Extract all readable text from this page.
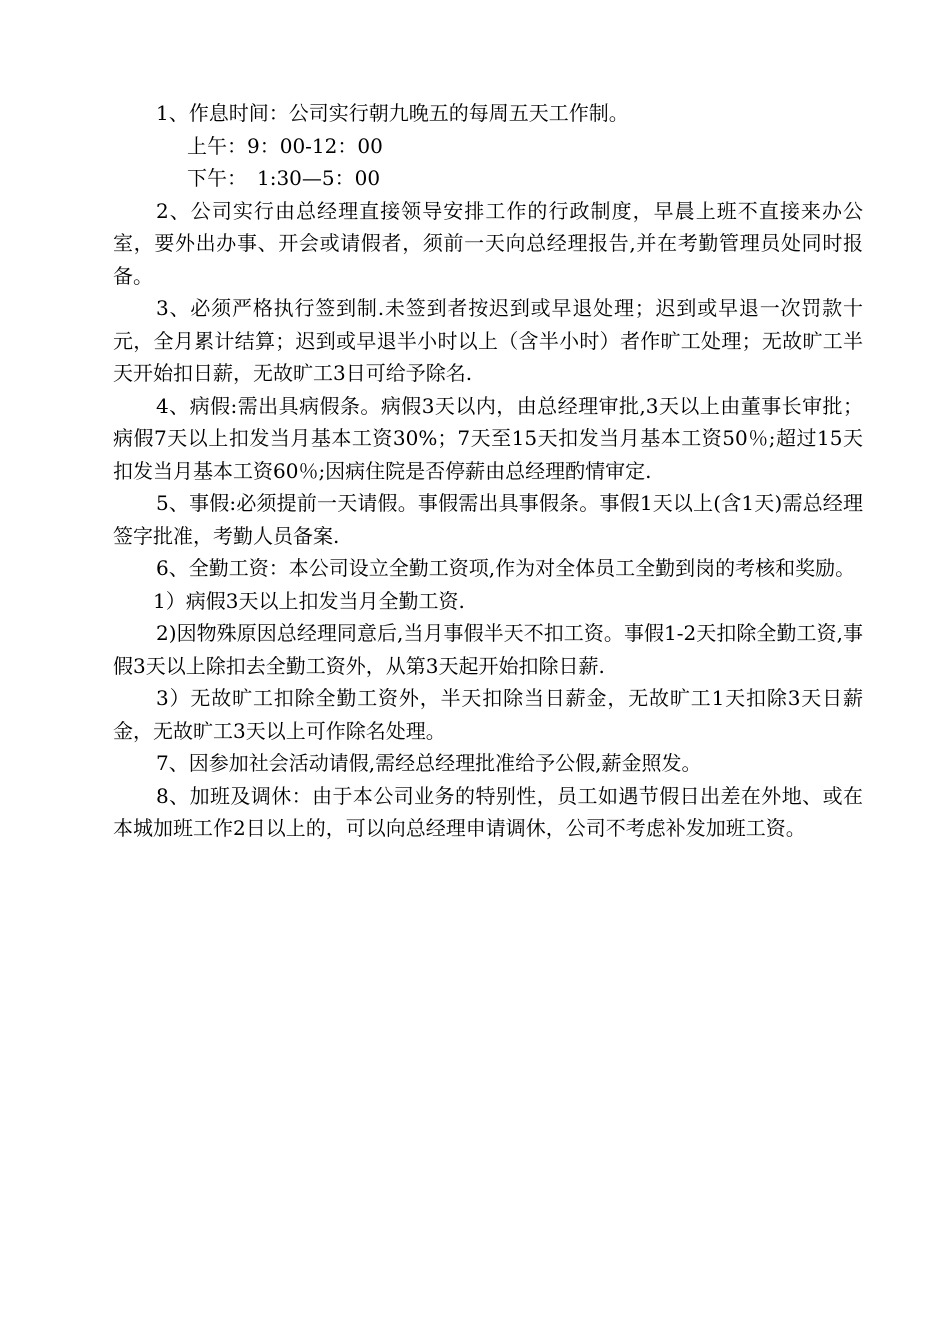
1、作息时间：公司实行朝九晚五的每周五天工作制。

上午：9：00-12：00

下午：　1:30—5：00

2、公司实行由总经理直接领导安排工作的行政制度，早晨上班不直接来办公室，要外出办事、开会或请假者，须前一天向总经理报告,并在考勤管理员处同时报备。

3、必须严格执行签到制.未签到者按迟到或早退处理；迟到或早退一次罚款十元，全月累计结算；迟到或早退半小时以上（含半小时）者作旷工处理；无故旷工半天开始扣日薪，无故旷工3日可给予除名.

4、病假:需出具病假条。病假3天以内，由总经理审批,3天以上由董事长审批；病假7天以上扣发当月基本工资30%；7天至15天扣发当月基本工资50％;超过15天扣发当月基本工资60％;因病住院是否停薪由总经理酌情审定.

5、事假:必须提前一天请假。事假需出具事假条。事假1天以上(含1天)需总经理签字批准，考勤人员备案.

6、全勤工资：本公司设立全勤工资项,作为对全体员工全勤到岗的考核和奖励。

1）病假3天以上扣发当月全勤工资.

2)因物殊原因总经理同意后,当月事假半天不扣工资。事假1-2天扣除全勤工资,事假3天以上除扣去全勤工资外，从第3天起开始扣除日薪.

3）无故旷工扣除全勤工资外，半天扣除当日薪金，无故旷工1天扣除3天日薪金，无故旷工3天以上可作除名处理。

7、因参加社会活动请假,需经总经理批准给予公假,薪金照发。

8、加班及调休：由于本公司业务的特别性，员工如遇节假日出差在外地、或在本城加班工作2日以上的，可以向总经理申请调休，公司不考虑补发加班工资。
